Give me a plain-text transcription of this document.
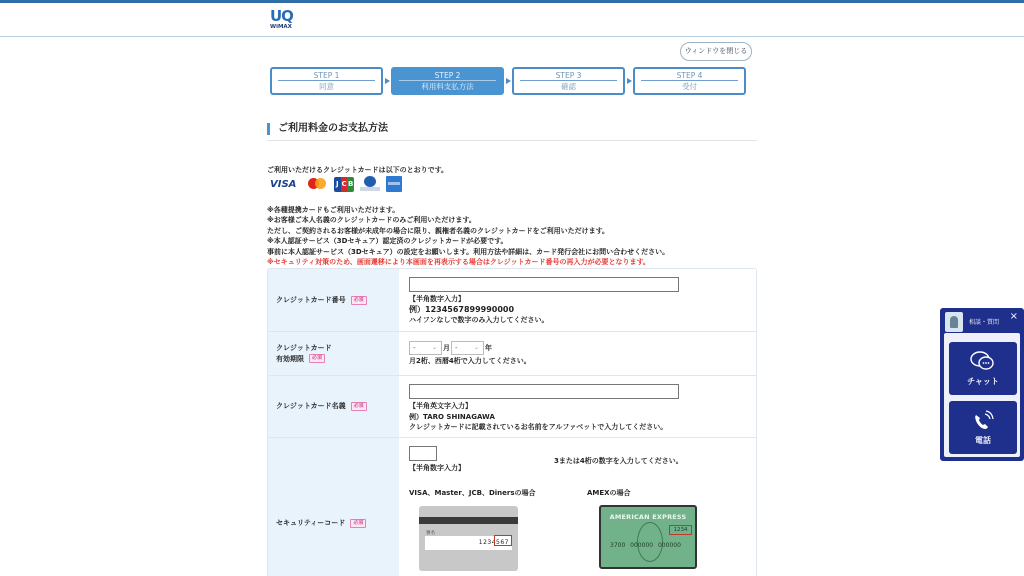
UQ
WiMAX
ウィンドウを閉じる
STEP 1
同意
STEP 2
利用料支払方法
STEP 3
確認
STEP 4
受付
ご利用料金のお支払方法
ご利用いただけるクレジットカードは以下のとおりです。
VISA	J C B
※各種提携カードもご利用いただけます。
※お客様ご本人名義のクレジットカードのみご利用いただけます。
ただし、ご契約されるお客様が未成年の場合に限り、親権者名義のクレジットカードをご利用いただけます。
※本人認証サービス（3Dセキュア）認定済のクレジットカードが必要です。
事前に本人認証サービス（3Dセキュア）の設定をお願いします。利用方法や詳細は、カード発行会社にお問い合わせください。
※セキュリティ対策のため、画面遷移により本画面を再表示する場合はクレジットカード番号の再入力が必要となります。
クレジットカード番号	必須	【半角数字入力】
例）1234567899990000
ハイフンなしで数字のみ入力してください。
クレジットカード
有効期限 必須
-	⌄ 月 -	⌄ 年
月2桁、西暦4桁で入力してください。
クレジットカード名義	必須	【半角英文字入力】
例）TARO SHINAGAWA
クレジットカードに記載されているお名前をアルファベットで入力してください。
セキュリティーコード	必須
【半角数字入力】
3または4桁の数字を入力してください。
VISA、Master、JCB、Dinersの場合	AMEXの場合
署名
1234567
AMERICAN EXPRESS
1234
3700 000000 000000
相談・質問
×
チャット
電話
